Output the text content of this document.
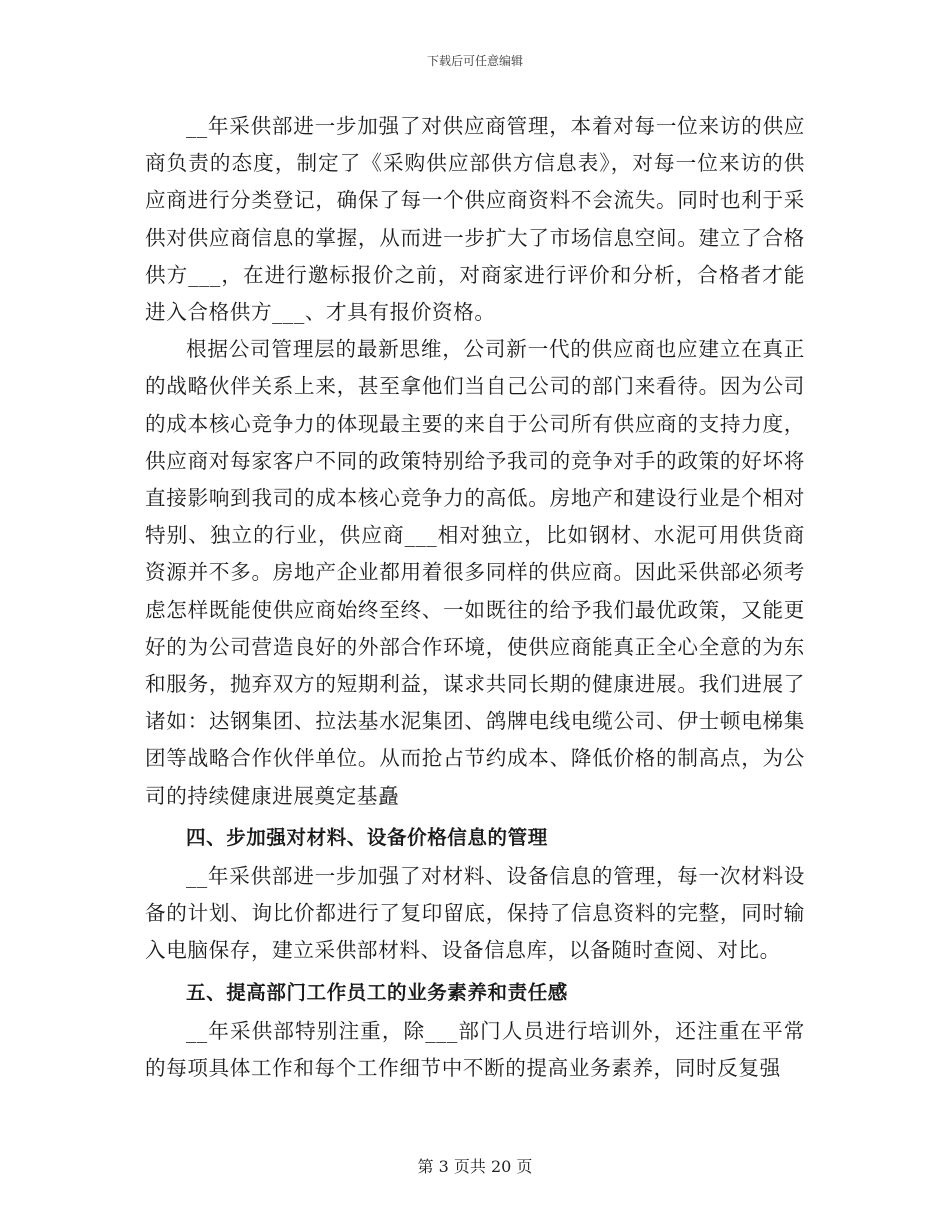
下载后可任意编辑

__年采供部进一步加强了对供应商管理，本着对每一位来访的供应商负责的态度，制定了《采购供应部供方信息表》，对每一位来访的供应商进行分类登记，确保了每一个供应商资料不会流失。同时也利于采供对供应商信息的掌握，从而进一步扩大了市场信息空间。建立了合格供方___，在进行邀标报价之前，对商家进行评价和分析，合格者才能进入合格供方___、才具有报价资格。

根据公司管理层的最新思维，公司新一代的供应商也应建立在真正的战略伙伴关系上来，甚至拿他们当自己公司的部门来看待。因为公司的成本核心竞争力的体现最主要的来自于公司所有供应商的支持力度，供应商对每家客户不同的政策特别给予我司的竞争对手的政策的好坏将直接影响到我司的成本核心竞争力的高低。房地产和建设行业是个相对特别、独立的行业，供应商___相对独立，比如钢材、水泥可用供货商资源并不多。房地产企业都用着很多同样的供应商。因此采供部必须考虑怎样既能使供应商始终至终、一如既往的给予我们最优政策，又能更好的为公司营造良好的外部合作环境，使供应商能真正全心全意的为东和服务，抛弃双方的短期利益，谋求共同长期的健康进展。我们进展了诸如：达钢集团、拉法基水泥集团、鸽牌电线电缆公司、伊士顿电梯集团等战略合作伙伴单位。从而抢占节约成本、降低价格的制高点，为公司的持续健康进展奠定基矗

四、步加强对材料、设备价格信息的管理

__年采供部进一步加强了对材料、设备信息的管理，每一次材料设备的计划、询比价都进行了复印留底，保持了信息资料的完整，同时输入电脑保存，建立采供部材料、设备信息库，以备随时查阅、对比。

五、提高部门工作员工的业务素养和责任感

__年采供部特别注重，除___部门人员进行培训外，还注重在平常的每项具体工作和每个工作细节中不断的提高业务素养，同时反复强

第 3 页共 20 页
